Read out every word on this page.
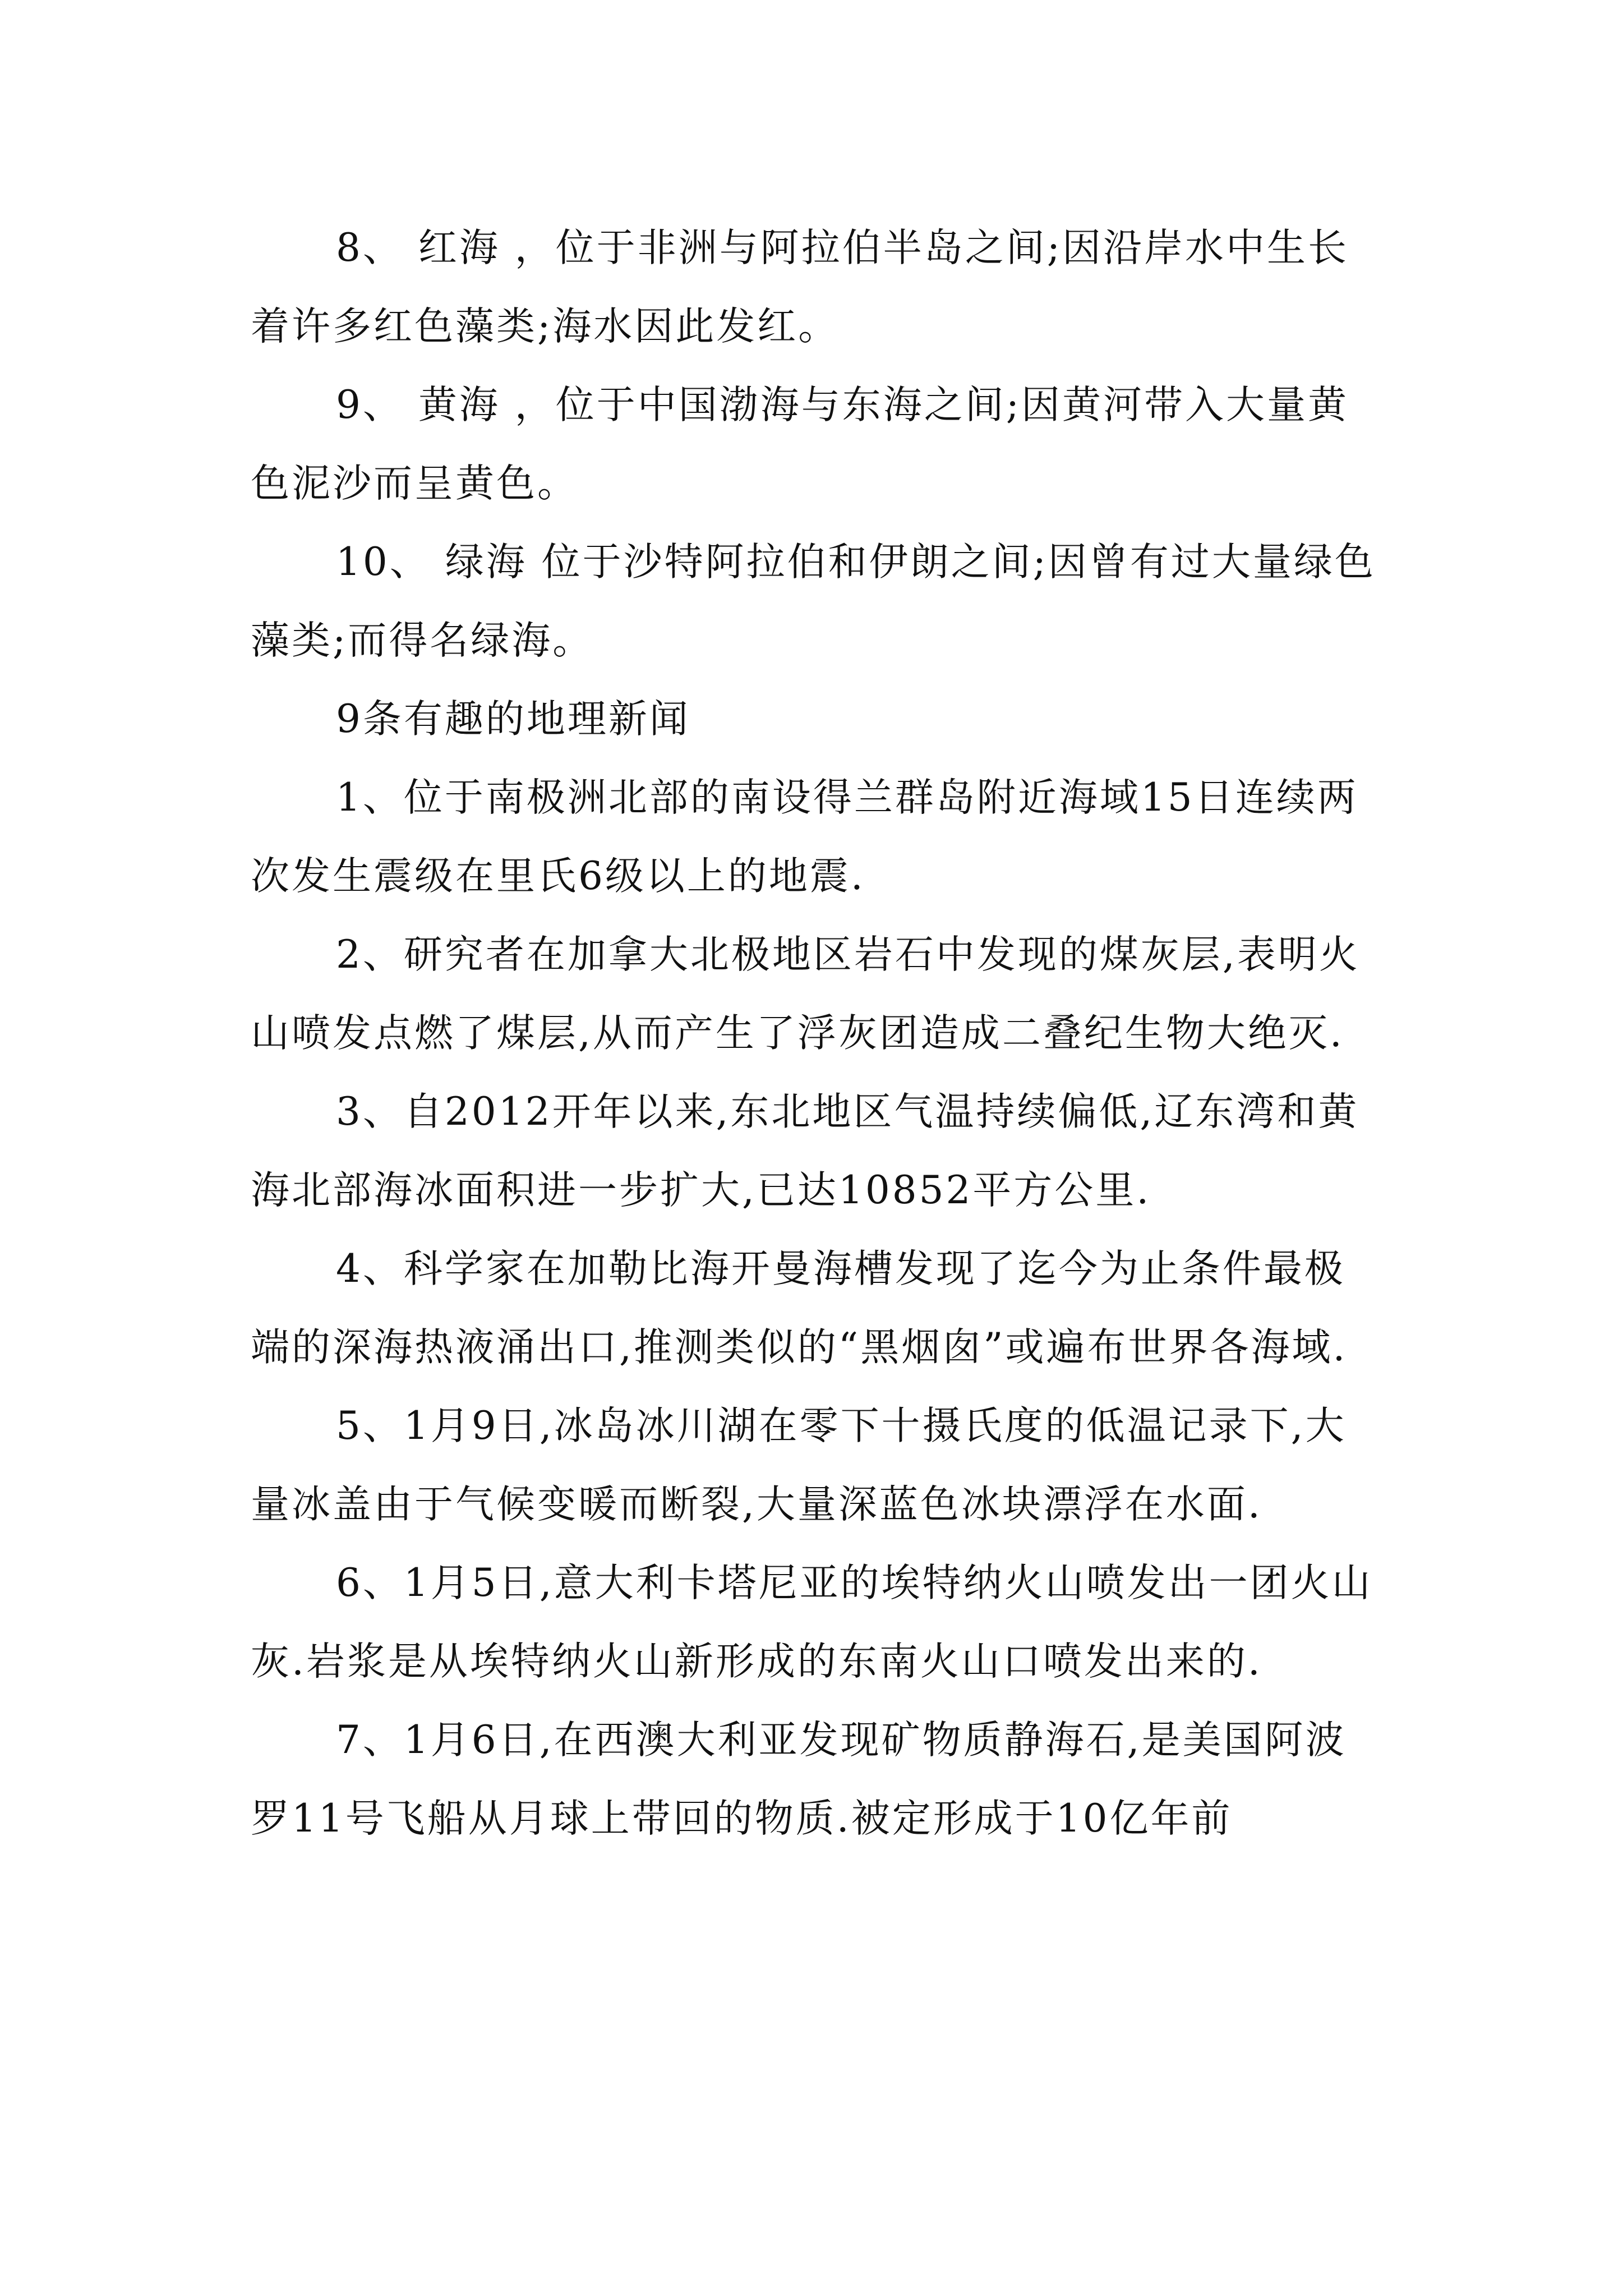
8、 红海 ，位于非洲与阿拉伯半岛之间;因沿岸水中生长着许多红色藻类;海水因此发红。

9、 黄海 ，位于中国渤海与东海之间;因黄河带入大量黄色泥沙而呈黄色。

10、 绿海 位于沙特阿拉伯和伊朗之间;因曾有过大量绿色藻类;而得名绿海。

9条有趣的地理新闻

1、位于南极洲北部的南设得兰群岛附近海域15日连续两次发生震级在里氏6级以上的地震.

2、研究者在加拿大北极地区岩石中发现的煤灰层,表明火山喷发点燃了煤层,从而产生了浮灰团造成二叠纪生物大绝灭.

3、自2012开年以来,东北地区气温持续偏低,辽东湾和黄海北部海冰面积进一步扩大,已达10852平方公里.

4、科学家在加勒比海开曼海槽发现了迄今为止条件最极端的深海热液涌出口,推测类似的“黑烟囱”或遍布世界各海域.

5、1月9日,冰岛冰川湖在零下十摄氏度的低温记录下,大量冰盖由于气候变暖而断裂,大量深蓝色冰块漂浮在水面.

6、1月5日,意大利卡塔尼亚的埃特纳火山喷发出一团火山灰.岩浆是从埃特纳火山新形成的东南火山口喷发出来的.

7、1月6日,在西澳大利亚发现矿物质静海石,是美国阿波罗11号飞船从月球上带回的物质.被定形成于10亿年前
